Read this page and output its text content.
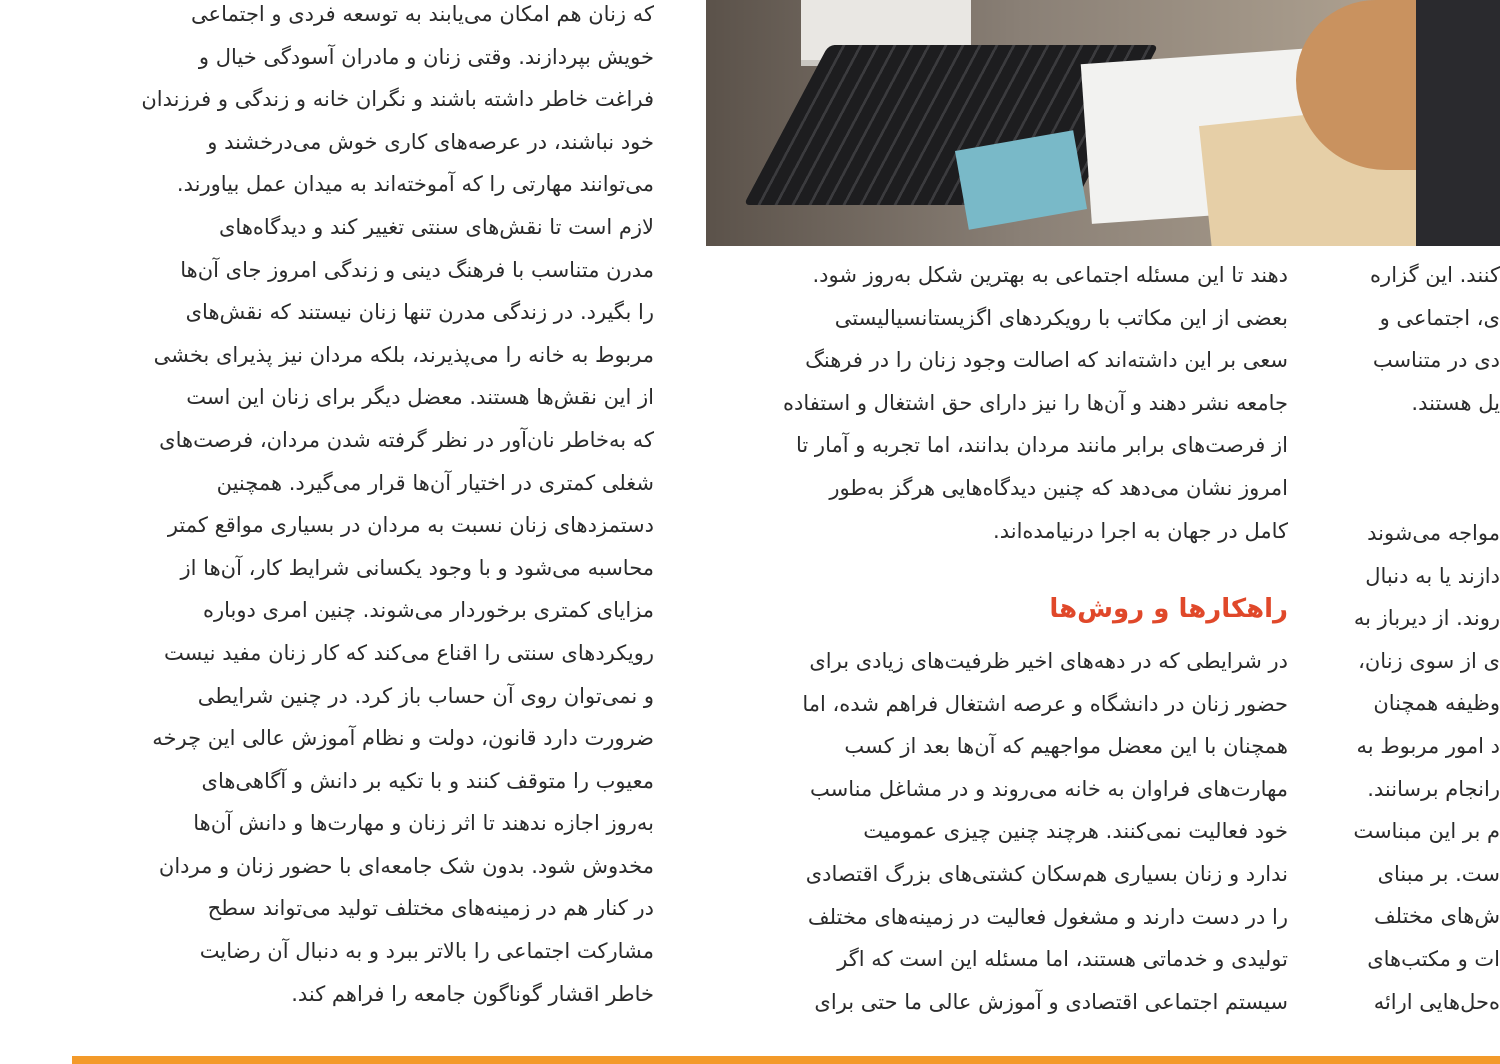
که زنان هم امکان می‌یابند به توسعه فردی و اجتماعی
خویش بپردازند. وقتی زنان و مادران آسودگی خیال و
فراغت خاطر داشته باشند و نگران خانه و زندگی و فرزندان
خود نباشند، در عرصه‌های کاری خوش می‌درخشند و
می‌توانند مهارتی را که آموخته‌اند به میدان عمل بیاورند.
لازم است تا نقش‌های سنتی تغییر کند و دیدگاه‌های
مدرن متناسب با فرهنگ دینی و زندگی امروز جای آن‌ها
را بگیرد. در زندگی مدرن تنها زنان نیستند که نقش‌های
مربوط به خانه را می‌پذیرند، بلکه مردان نیز پذیرای بخشی
از این نقش‌ها هستند. معضل دیگر برای زنان این است
که به‌خاطر نان‌آور در نظر گرفته شدن مردان، فرصت‌های
شغلی کمتری در اختیار آن‌ها قرار می‌گیرد. همچنین
دستمزدهای زنان نسبت به مردان در بسیاری مواقع کمتر
محاسبه می‌شود و با وجود یکسانی شرایط کار، آن‌ها از
مزایای کمتری برخوردار می‌شوند. چنین امری دوباره
رویکردهای سنتی را اقناع می‌کند که کار زنان مفید نیست
و نمی‌توان روی آن حساب باز کرد. در چنین شرایطی
ضرورت دارد قانون، دولت و نظام آموزش عالی این چرخه
معیوب را متوقف کنند و با تکیه بر دانش و آگاهی‌های
به‌روز اجازه ندهند تا اثر زنان و مهارت‌ها و دانش آن‌ها
مخدوش شود. بدون شک جامعه‌ای با حضور زنان و مردان
در کنار هم در زمینه‌های مختلف تولید می‌تواند سطح
مشارکت اجتماعی را بالاتر ببرد و به دنبال آن رضایت
خاطر اقشار گوناگون جامعه را فراهم کند.
دهند تا این مسئله اجتماعی به بهترین شکل به‌روز شود.
بعضی از این مکاتب با رویکردهای اگزیستانسیالیستی
سعی بر این داشته‌اند که اصالت وجود زنان را در فرهنگ
جامعه نشر دهند و آن‌ها را نیز دارای حق اشتغال و استفاده
از فرصت‌های برابر مانند مردان بدانند، اما تجربه و آمار تا
امروز نشان می‌دهد که چنین دیدگاه‌هایی هرگز به‌طور
کامل در جهان به اجرا درنیامده‌اند.
راهکارها و روش‌ها
در شرایطی که در دهه‌های اخیر ظرفیت‌های زیادی برای
حضور زنان در دانشگاه و عرصه اشتغال فراهم شده، اما
همچنان با این معضل مواجهیم که آن‌ها بعد از کسب
مهارت‌های فراوان به خانه می‌روند و در مشاغل مناسب
خود فعالیت نمی‌کنند. هرچند چنین چیزی عمومیت
ندارد و زنان بسیاری هم‌سکان کشتی‌های بزرگ اقتصادی
را در دست دارند و مشغول فعالیت در زمینه‌های مختلف
تولیدی و خدماتی هستند، اما مسئله این است که اگر
سیستم اجتماعی اقتصادی و آموزش عالی ما حتی برای
کنند. این گزاره
ی، اجتماعی و
دی در متناسب
یل هستند.
مواجه می‌شوند
دازند یا به دنبال
روند. از دیرباز به
ی از سوی زنان،
وظیفه همچنان
د امور مربوط به
رانجام برسانند.
م بر این مبناست
ست. بر مبنای
ش‌های مختلف
ات و مکتب‌های
ه‌حل‌هایی ارائه
